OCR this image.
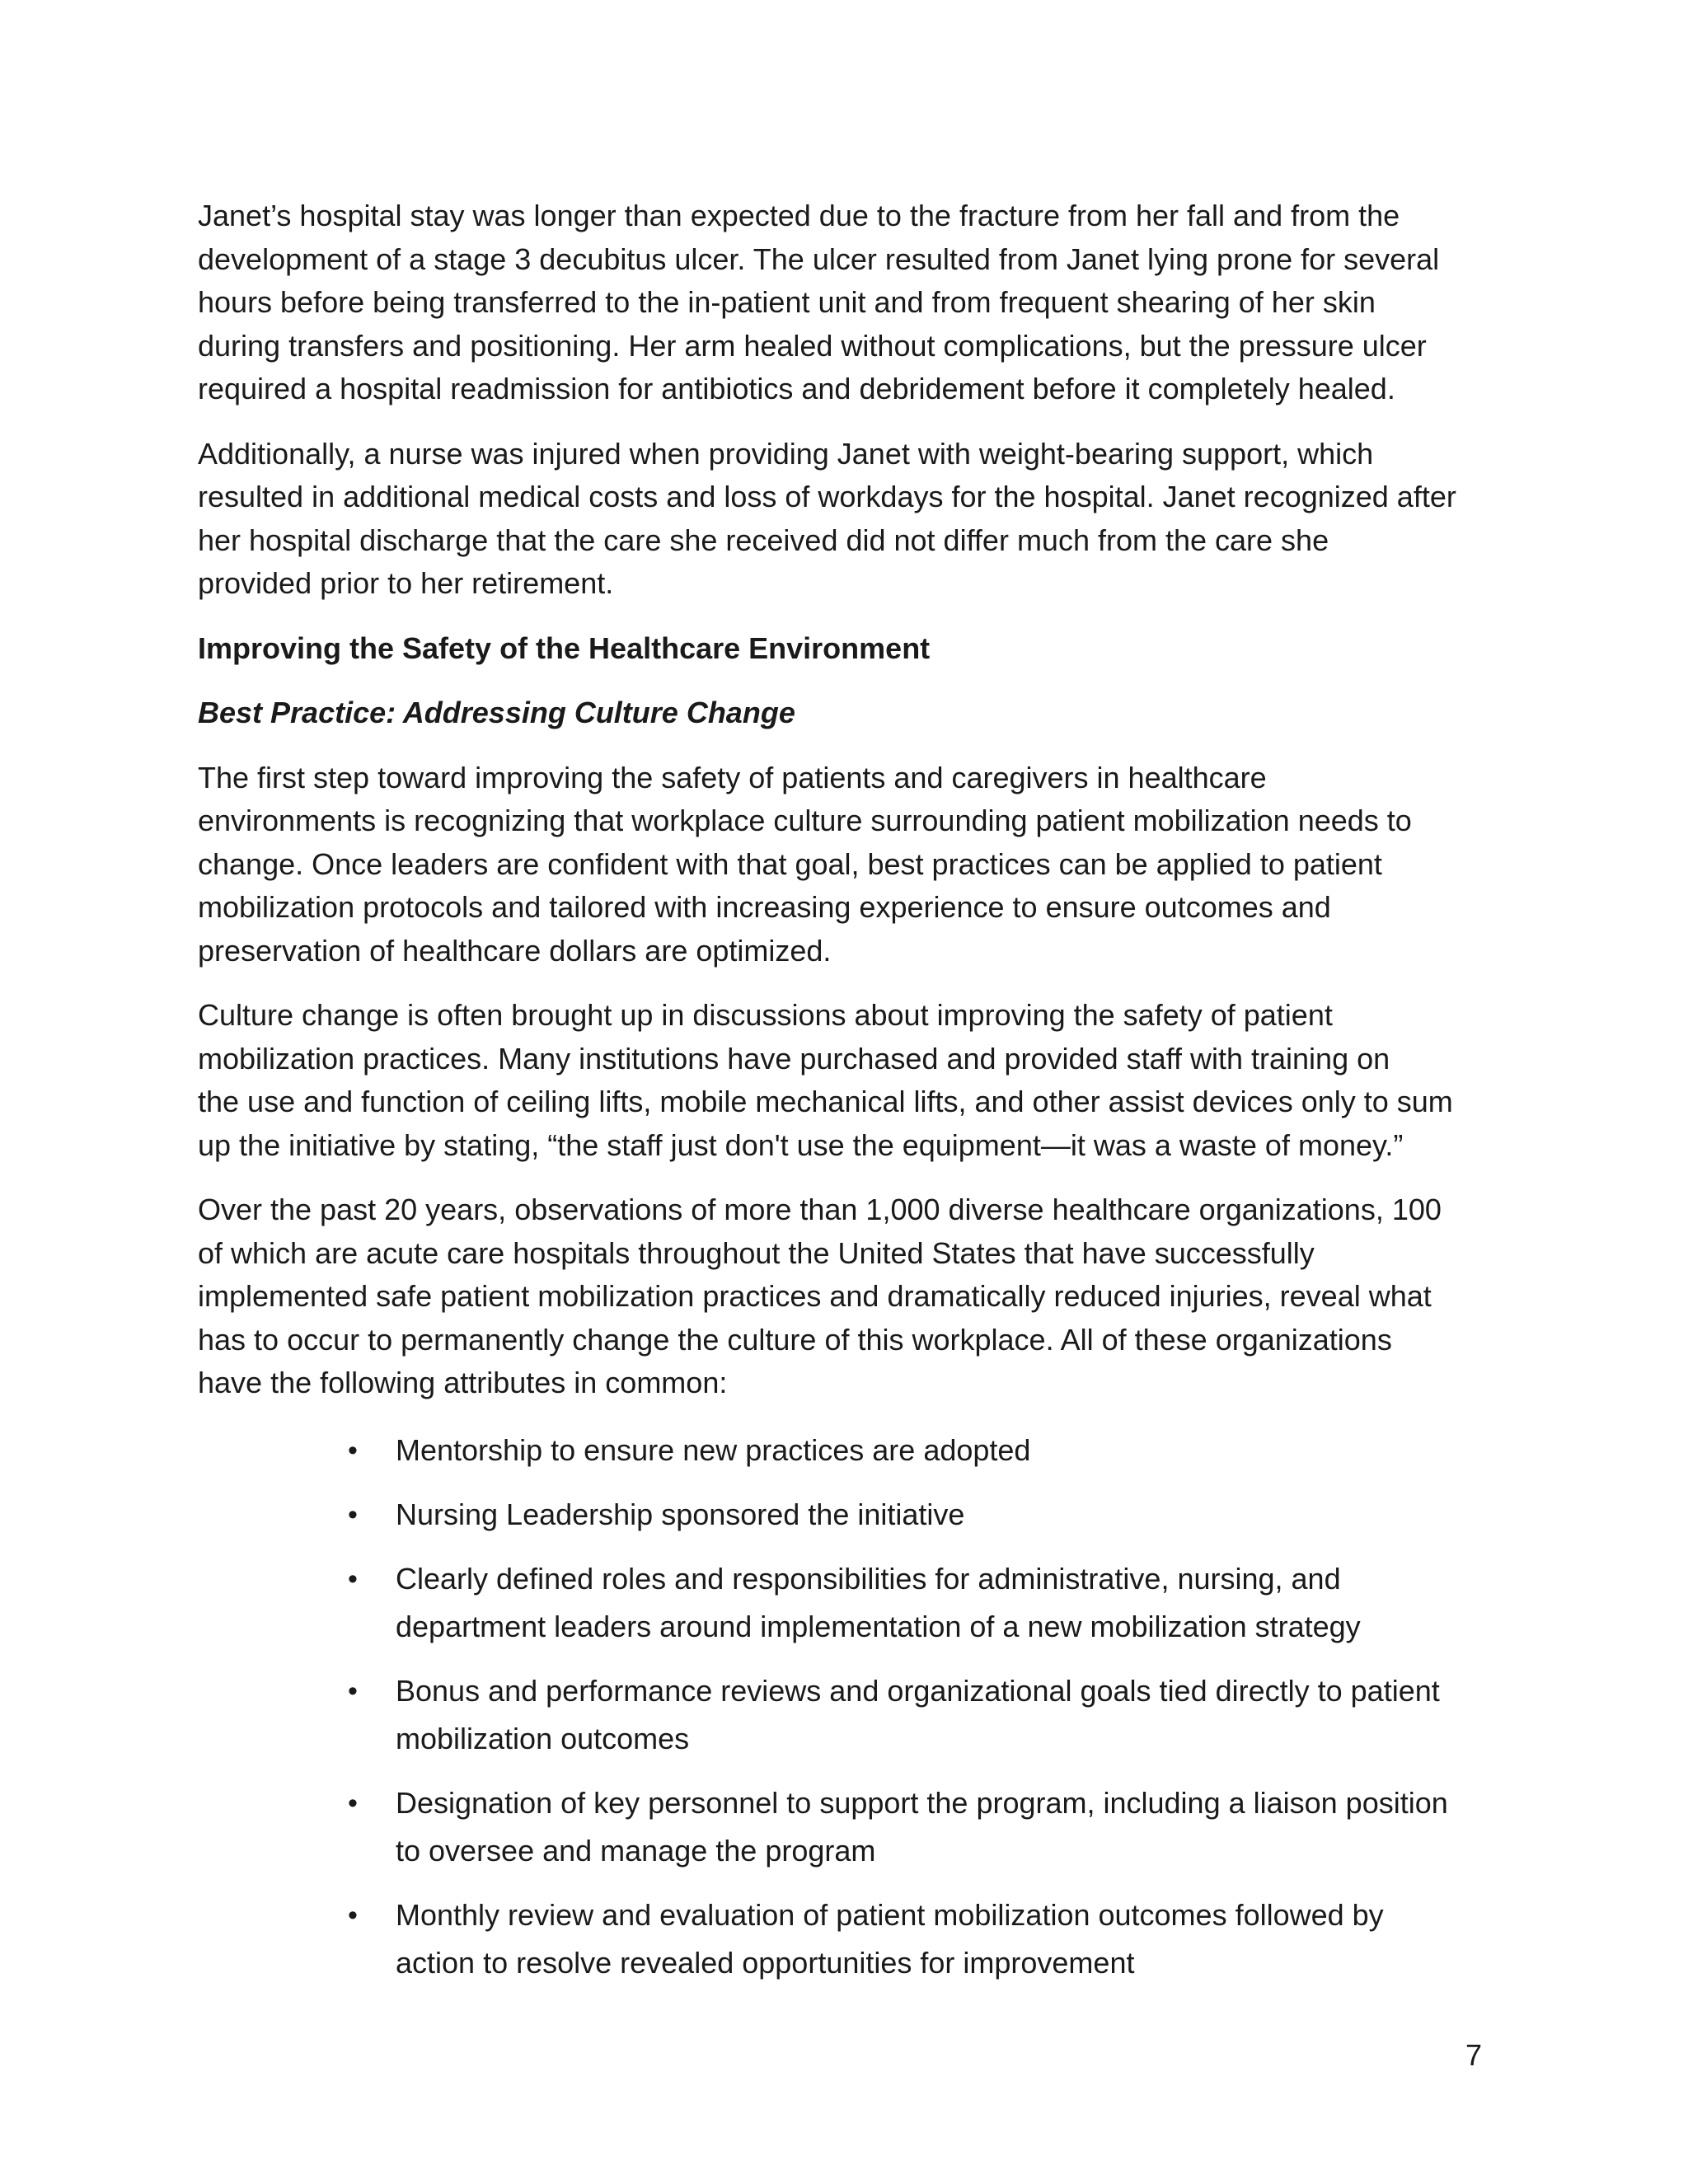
Janet’s hospital stay was longer than expected due to the fracture from her fall and from the
development of a stage 3 decubitus ulcer. The ulcer resulted from Janet lying prone for several
hours before being transferred to the in-patient unit and from frequent shearing of her skin
during transfers and positioning. Her arm healed without complications, but the pressure ulcer
required a hospital readmission for antibiotics and debridement before it completely healed.

Additionally, a nurse was injured when providing Janet with weight-bearing support, which
resulted in additional medical costs and loss of workdays for the hospital. Janet recognized after
her hospital discharge that the care she received did not differ much from the care she
provided prior to her retirement.

Improving the Safety of the Healthcare Environment

Best Practice: Addressing Culture Change

The first step toward improving the safety of patients and caregivers in healthcare
environments is recognizing that workplace culture surrounding patient mobilization needs to
change. Once leaders are confident with that goal, best practices can be applied to patient
mobilization protocols and tailored with increasing experience to ensure outcomes and
preservation of healthcare dollars are optimized.

Culture change is often brought up in discussions about improving the safety of patient
mobilization practices. Many institutions have purchased and provided staff with training on
the use and function of ceiling lifts, mobile mechanical lifts, and other assist devices only to sum
up the initiative by stating, “the staff just don't use the equipment—it was a waste of money.”

Over the past 20 years, observations of more than 1,000 diverse healthcare organizations, 100
of which are acute care hospitals throughout the United States that have successfully
implemented safe patient mobilization practices and dramatically reduced injuries, reveal what
has to occur to permanently change the culture of this workplace. All of these organizations
have the following attributes in common:

• Mentorship to ensure new practices are adopted
• Nursing Leadership sponsored the initiative
• Clearly defined roles and responsibilities for administrative, nursing, and
department leaders around implementation of a new mobilization strategy
• Bonus and performance reviews and organizational goals tied directly to patient
mobilization outcomes
• Designation of key personnel to support the program, including a liaison position
to oversee and manage the program
• Monthly review and evaluation of patient mobilization outcomes followed by
action to resolve revealed opportunities for improvement
7
